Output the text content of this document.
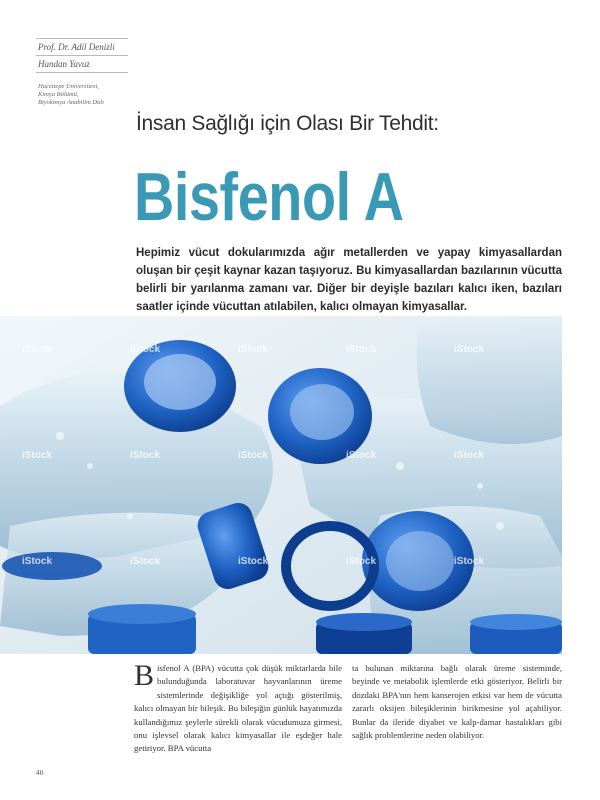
Prof. Dr. Adil Denizli
Handan Yavuz
Hacettepe Üniversitesi,
Kimya Bölümü,
Biyokimya Anabilim Dalı
İnsan Sağlığı için Olası Bir Tehdit:
Bisfenol A
Hepimiz vücut dokularımızda ağır metallerden ve yapay kimyasallardan oluşan bir çeşit kaynar kazan taşıyoruz. Bu kimyasallardan bazılarının vücutta belirli bir yarılanma zamanı var. Diğer bir deyişle bazıları kalıcı iken, bazıları saatler içinde vücuttan atılabilen, kalıcı olmayan kimyasallar.
iStock	iStock	iStock	iStock	iStock
iStock	iStock	iStock	iStock	iStock
iStock	iStock	iStock	iStock	iStock
Bisfenol A (BPA) vücutta çok düşük miktarlarda bile bulunduğunda laboratuvar hayvanlarının üreme sistemlerinde değişikliğe yol açtığı gösterilmiş, kalıcı olmayan bir bileşik. Bu bileşiğin günlük hayatımızda kullandığımız şeylerle sürekli olarak vücudumuza girmesi, onu işlevsel olarak kalıcı kimyasallar ile eşdeğer hale getiriyor. BPA vücutta
ta bulunan miktarına bağlı olarak üreme sisteminde, beyinde ve metabolik işlemlerde etki gösteriyor. Belirli bir dozdaki BPA'nın hem kanserojen etkisi var hem de vücutta zararlı oksijen bileşiklerinin birikmesine yol açabiliyor. Bunlar da ileride diyabet ve kalp-damar hastalıkları gibi sağlık problemlerine neden olabiliyor.
40
